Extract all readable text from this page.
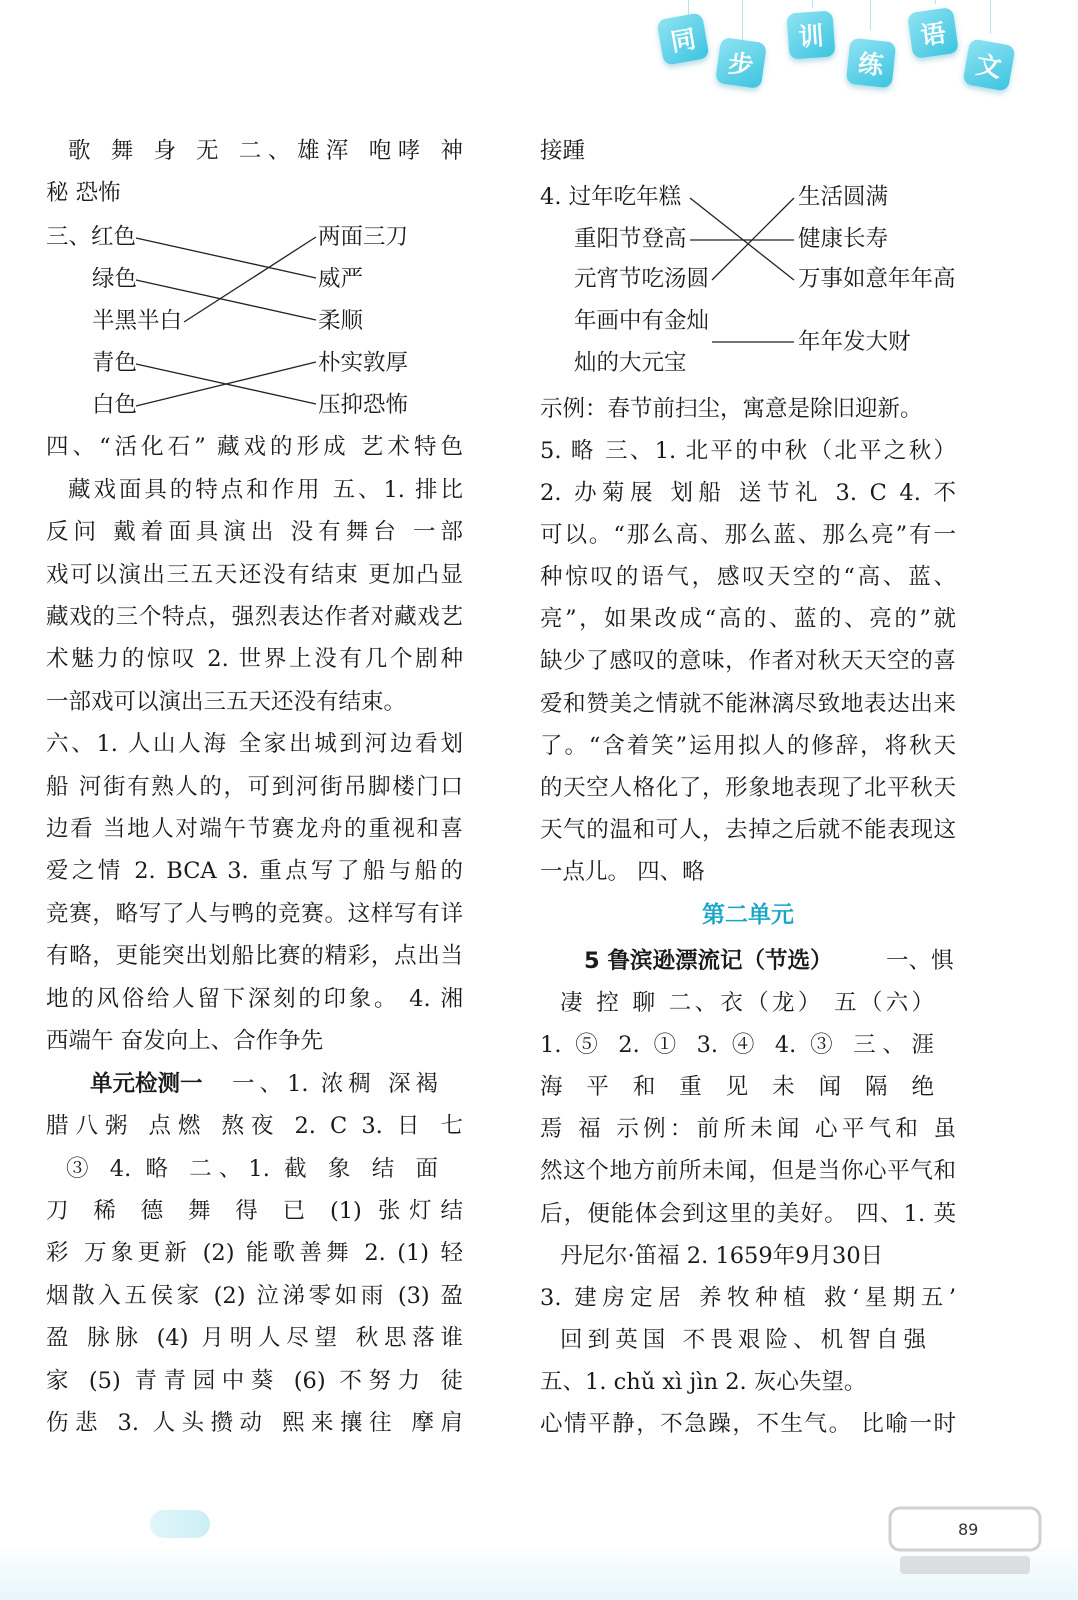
同
步
训
练
语
文
歌 舞 身 无 二、雄浑 咆哮 神
秘 恐怖
三、红色
绿色
半黑半白
青色
白色
两面三刀
威严
柔顺
朴实敦厚
压抑恐怖
四、“活化石” 藏戏的形成 艺术特色
藏戏面具的特点和作用 五、1. 排比
反问 戴着面具演出 没有舞台 一部
戏可以演出三五天还没有结束 更加凸显
藏戏的三个特点，强烈表达作者对藏戏艺
术魅力的惊叹 2. 世界上没有几个剧种
一部戏可以演出三五天还没有结束。
六、1. 人山人海 全家出城到河边看划
船 河街有熟人的，可到河街吊脚楼门口
边看 当地人对端午节赛龙舟的重视和喜
爱之情 2. BCA 3. 重点写了船与船的
竞赛，略写了人与鸭的竞赛。这样写有详
有略，更能突出划船比赛的精彩，点出当
地的风俗给人留下深刻的印象。 4. 湘
西端午 奋发向上、合作争先
单元检测一 一、1. 浓稠 深褐
腊八粥 点燃 熬夜 2. C 3. 日 七
③ 4. 略 二、1. 截 象 结 面
刀 稀 德 舞 得 已 (1) 张灯结
彩 万象更新 (2) 能歌善舞 2. (1) 轻
烟散入五侯家 (2) 泣涕零如雨 (3) 盈
盈 脉脉 (4) 月明人尽望 秋思落谁
家 (5) 青青园中葵 (6) 不努力 徒
伤悲 3. 人头攒动 熙来攘往 摩肩
接踵
4. 过年吃年糕
重阳节登高
元宵节吃汤圆
年画中有金灿
灿的大元宝
生活圆满
健康长寿
万事如意年年高
年年发大财
示例：春节前扫尘，寓意是除旧迎新。
5. 略 三、1. 北平的中秋（北平之秋）
2. 办菊展 划船 送节礼 3. C 4. 不
可以。“那么高、那么蓝、那么亮”有一
种惊叹的语气，感叹天空的“高、蓝、
亮”，如果改成“高的、蓝的、亮的”就
缺少了感叹的意味，作者对秋天天空的喜
爱和赞美之情就不能淋漓尽致地表达出来
了。“含着笑”运用拟人的修辞，将秋天
的天空人格化了，形象地表现了北平秋天
天气的温和可人，去掉之后就不能表现这
一点儿。 四、略
第二单元
5 鲁滨逊漂流记（节选） 一、惧
凄 控 聊 二、衣（龙） 五（六）
1. ⑤ 2. ① 3. ④ 4. ③ 三、涯
海 平 和 重 见 未 闻 隔 绝
焉 福 示例：前所未闻 心平气和 虽
然这个地方前所未闻，但是当你心平气和
后，便能体会到这里的美好。 四、1. 英
丹尼尔·笛福 2. 1659年9月30日
3. 建房定居 养牧种植 救‘星期五’
回到英国 不畏艰险、机智自强
五、1. chǔ xì jìn 2. 灰心失望。
心情平静，不急躁，不生气。 比喻一时
89
